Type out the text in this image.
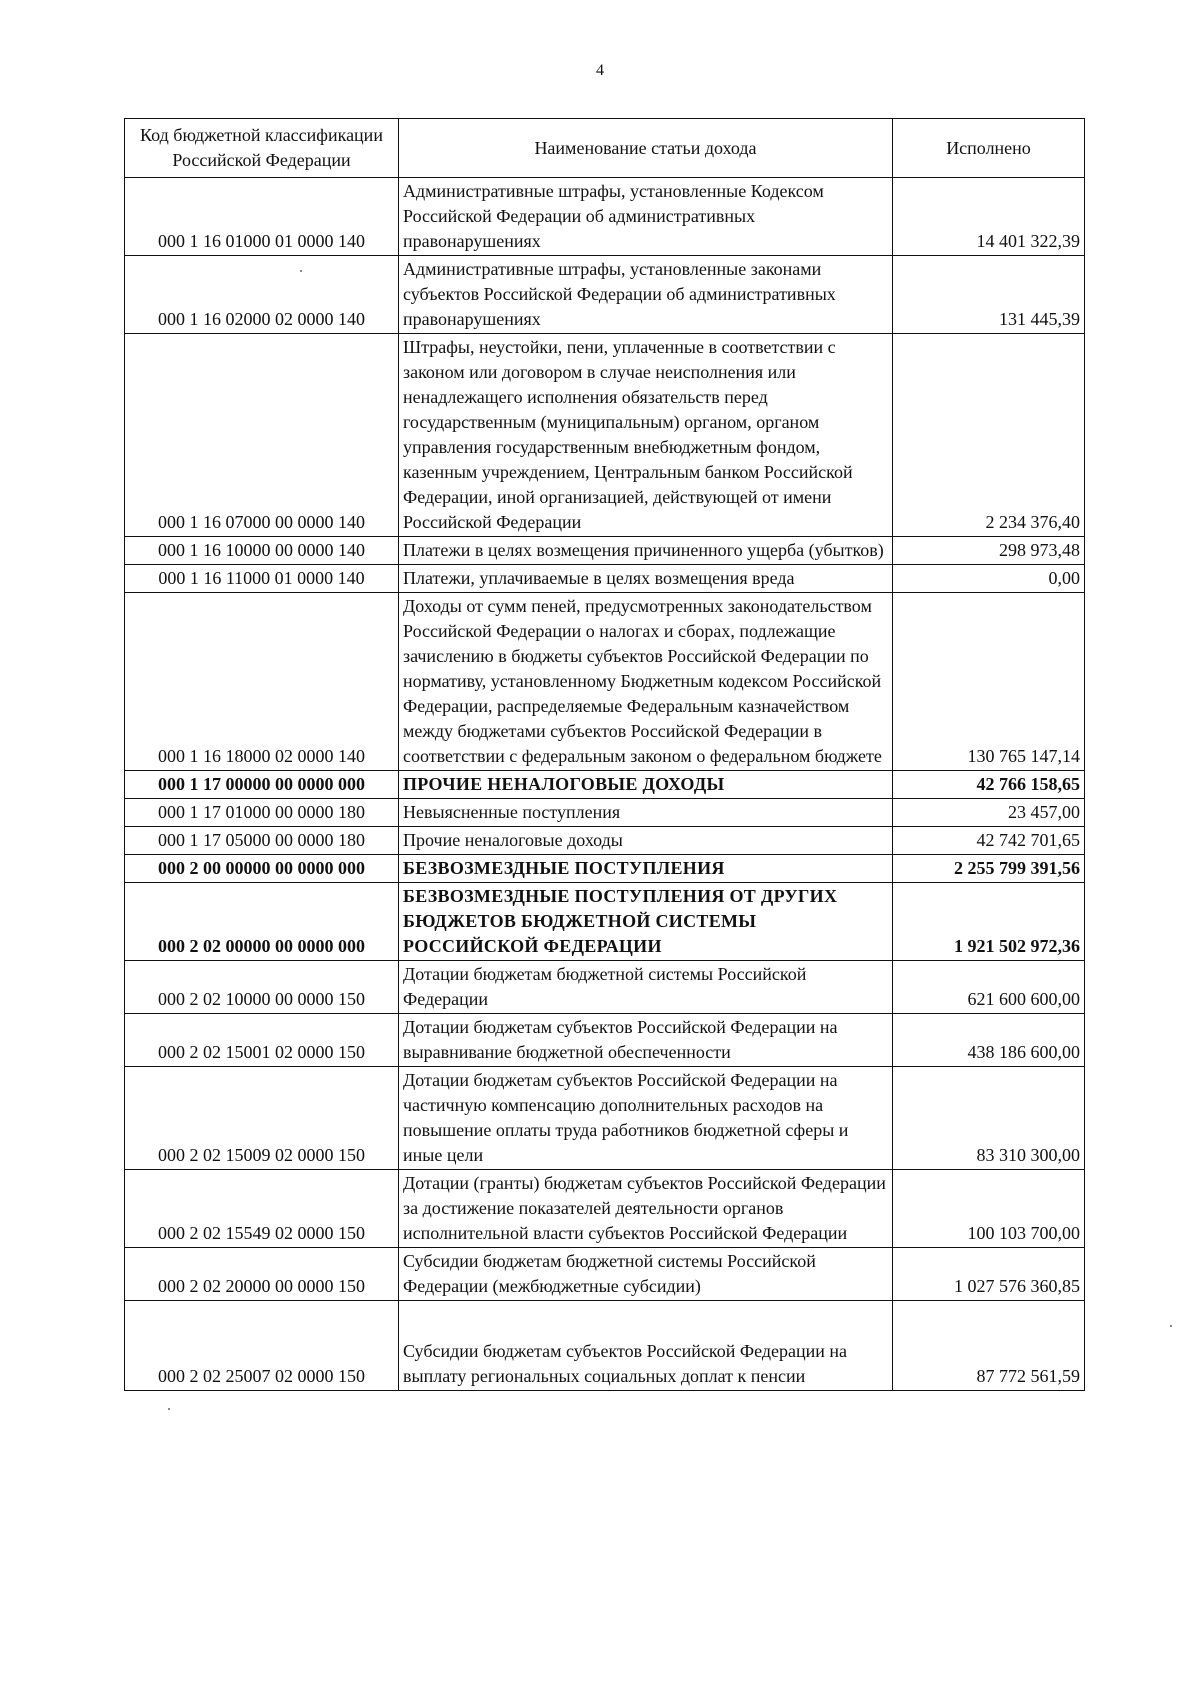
4
Код бюджетной классификации Российской Федерации	Наименование статьи дохода	Исполнено
000 1 16 01000 01 0000 140	Административные штрафы, установленные Кодексом Российской Федерации об административных правонарушениях	14 401 322,39
000 1 16 02000 02 0000 140	Административные штрафы, установленные законами субъектов Российской Федерации об административных правонарушениях	131 445,39
000 1 16 07000 00 0000 140	Штрафы, неустойки, пени, уплаченные в соответствии с законом или договором в случае неисполнения или ненадлежащего исполнения обязательств перед государственным (муниципальным) органом, органом управления государственным внебюджетным фондом, казенным учреждением, Центральным банком Российской Федерации, иной организацией, действующей от имени Российской Федерации	2 234 376,40
000 1 16 10000 00 0000 140	Платежи в целях возмещения причиненного ущерба (убытков)	298 973,48
000 1 16 11000 01 0000 140	Платежи, уплачиваемые в целях возмещения вреда	0,00
000 1 16 18000 02 0000 140	Доходы от сумм пеней, предусмотренных законодательством Российской Федерации о налогах и сборах, подлежащие зачислению в бюджеты субъектов Российской Федерации по нормативу, установленному Бюджетным кодексом Российской Федерации, распределяемые Федеральным казначейством между бюджетами субъектов Российской Федерации в соответствии с федеральным законом о федеральном бюджете	130 765 147,14
000 1 17 00000 00 0000 000	ПРОЧИЕ НЕНАЛОГОВЫЕ ДОХОДЫ	42 766 158,65
000 1 17 01000 00 0000 180	Невыясненные поступления	23 457,00
000 1 17 05000 00 0000 180	Прочие неналоговые доходы	42 742 701,65
000 2 00 00000 00 0000 000	БЕЗВОЗМЕЗДНЫЕ ПОСТУПЛЕНИЯ	2 255 799 391,56
000 2 02 00000 00 0000 000	БЕЗВОЗМЕЗДНЫЕ ПОСТУПЛЕНИЯ ОТ ДРУГИХ БЮДЖЕТОВ БЮДЖЕТНОЙ СИСТЕМЫ РОССИЙСКОЙ ФЕДЕРАЦИИ	1 921 502 972,36
000 2 02 10000 00 0000 150	Дотации бюджетам бюджетной системы Российской Федерации	621 600 600,00
000 2 02 15001 02 0000 150	Дотации бюджетам субъектов Российской Федерации на выравнивание бюджетной обеспеченности	438 186 600,00
000 2 02 15009 02 0000 150	Дотации бюджетам субъектов Российской Федерации на частичную компенсацию дополнительных расходов на повышение оплаты труда работников бюджетной сферы и иные цели	83 310 300,00
000 2 02 15549 02 0000 150	Дотации (гранты) бюджетам субъектов Российской Федерации за достижение показателей деятельности органов исполнительной власти субъектов Российской Федерации	100 103 700,00
000 2 02 20000 00 0000 150	Субсидии бюджетам бюджетной системы Российской Федерации (межбюджетные субсидии)	1 027 576 360,85
000 2 02 25007 02 0000 150	Субсидии бюджетам субъектов Российской Федерации на выплату региональных социальных доплат к пенсии	87 772 561,59
